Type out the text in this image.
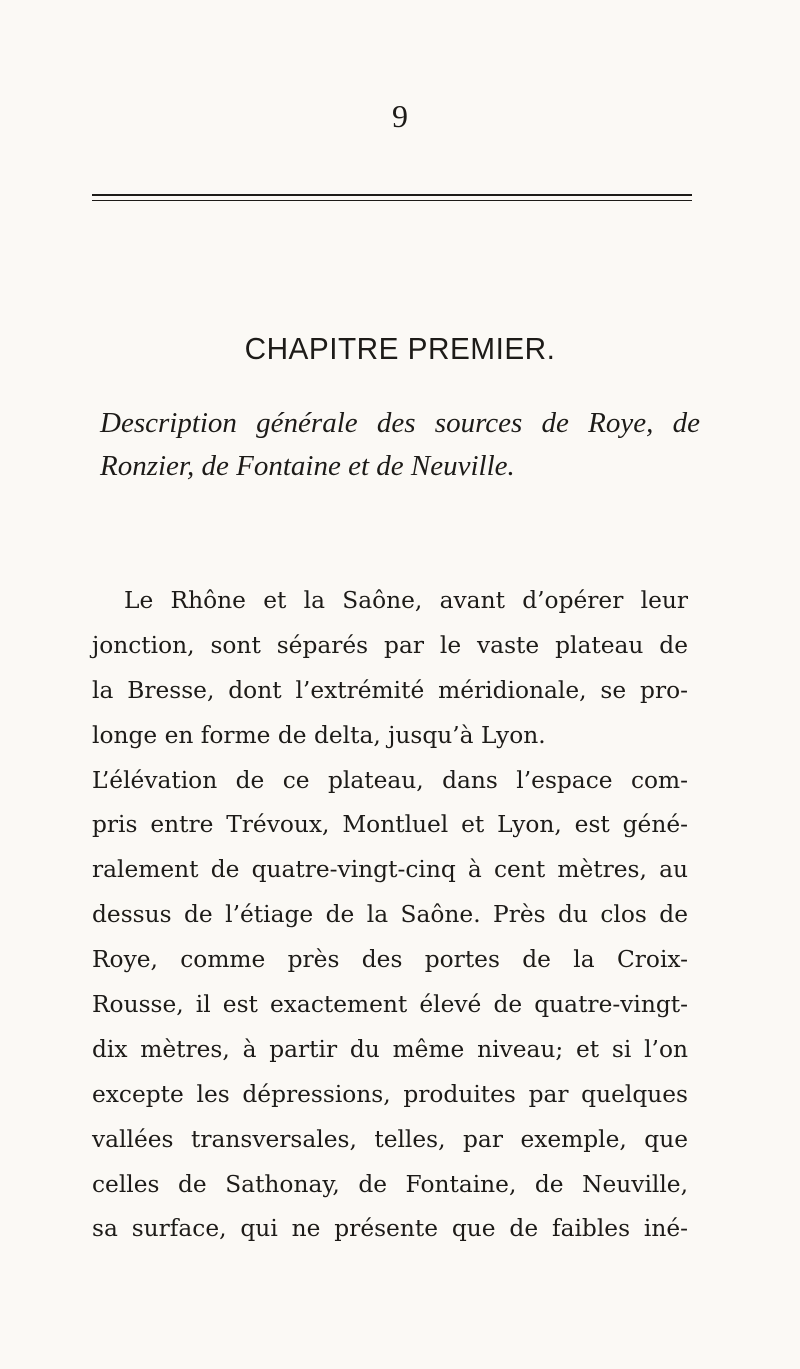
9
CHAPITRE PREMIER.
Description générale des sources de Roye, de
Ronzier, de Fontaine et de Neuville.
Le Rhône et la Saône, avant d’opérer leur
jonction, sont séparés par le vaste plateau de
la Bresse, dont l’extrémité méridionale, se pro-
longe en forme de delta, jusqu’à Lyon.
L’élévation de ce plateau, dans l’espace com-
pris entre Trévoux, Montluel et Lyon, est géné-
ralement de quatre-vingt-cinq à cent mètres, au
dessus de l’étiage de la Saône. Près du clos de
Roye, comme près des portes de la Croix-
Rousse, il est exactement élevé de quatre-vingt-
dix mètres, à partir du même niveau; et si l’on
excepte les dépressions, produites par quelques
vallées transversales, telles, par exemple, que
celles de Sathonay, de Fontaine, de Neuville,
sa surface, qui ne présente que de faibles iné-
